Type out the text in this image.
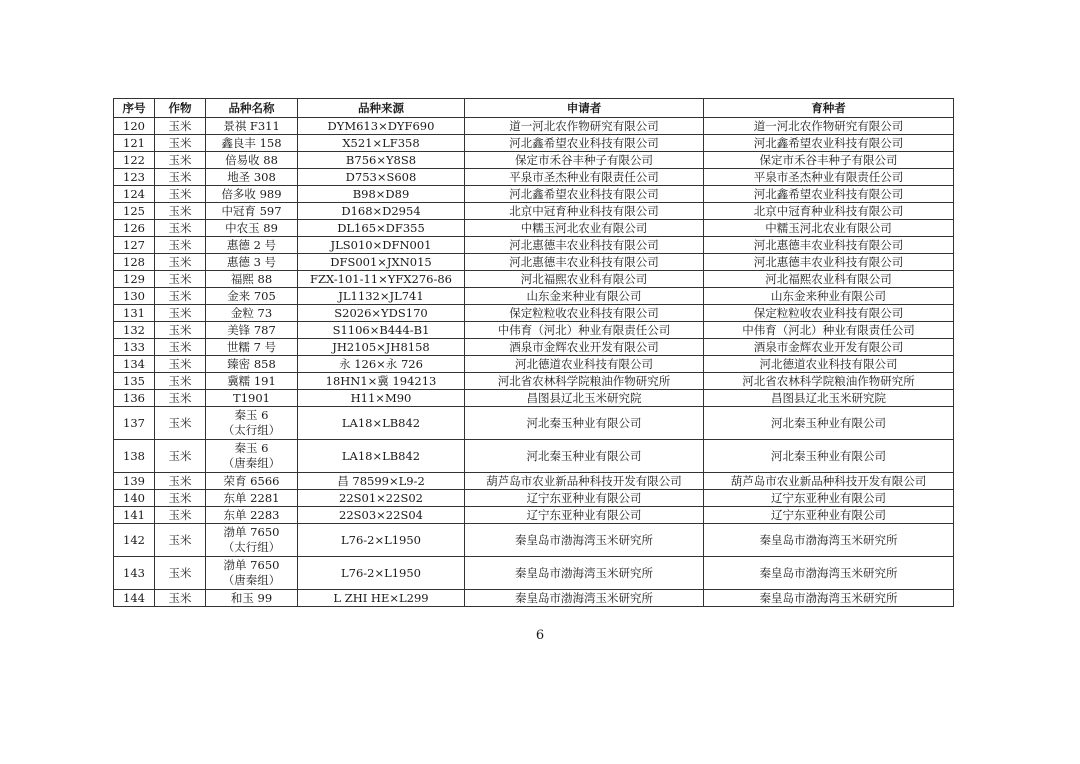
序号	作物	品种名称	品种来源	申请者	育种者
120	玉米	景祺 F311	DYM613×DYF690	道一河北农作物研究有限公司	道一河北农作物研究有限公司
121	玉米	鑫良丰 158	X521×LF358	河北鑫希望农业科技有限公司	河北鑫希望农业科技有限公司
122	玉米	倍易收 88	B756×Y8S8	保定市禾谷丰种子有限公司	保定市禾谷丰种子有限公司
123	玉米	地圣 308	D753×S608	平泉市圣杰种业有限责任公司	平泉市圣杰种业有限责任公司
124	玉米	倍多收 989	B98×D89	河北鑫希望农业科技有限公司	河北鑫希望农业科技有限公司
125	玉米	中冠育 597	D168×D2954	北京中冠育种业科技有限公司	北京中冠育种业科技有限公司
126	玉米	中农玉 89	DL165×DF355	中糯玉河北农业有限公司	中糯玉河北农业有限公司
127	玉米	惠德 2 号	JLS010×DFN001	河北惠德丰农业科技有限公司	河北惠德丰农业科技有限公司
128	玉米	惠德 3 号	DFS001×JXN015	河北惠德丰农业科技有限公司	河北惠德丰农业科技有限公司
129	玉米	福熙 88	FZX-101-11×YFX276-86	河北福熙农业科有限公司	河北福熙农业科有限公司
130	玉米	金来 705	JL1132×JL741	山东金来种业有限公司	山东金来种业有限公司
131	玉米	金粒 73	S2026×YDS170	保定粒粒收农业科技有限公司	保定粒粒收农业科技有限公司
132	玉米	美锋 787	S1106×B444-B1	中伟育（河北）种业有限责任公司	中伟育（河北）种业有限责任公司
133	玉米	世糯 7 号	JH2105×JH8158	酒泉市金辉农业开发有限公司	酒泉市金辉农业开发有限公司
134	玉米	臻密 858	永 126×永 726	河北德道农业科技有限公司	河北德道农业科技有限公司
135	玉米	冀糯 191	18HN1×冀 194213	河北省农林科学院粮油作物研究所	河北省农林科学院粮油作物研究所
136	玉米	T1901	H11×M90	昌图县辽北玉米研究院	昌图县辽北玉米研究院
137	玉米	秦玉 6
（太行组）	LA18×LB842	河北秦玉种业有限公司	河北秦玉种业有限公司
138	玉米	秦玉 6
（唐秦组）	LA18×LB842	河北秦玉种业有限公司	河北秦玉种业有限公司
139	玉米	荣育 6566	昌 78599×L9-2	葫芦岛市农业新品种科技开发有限公司	葫芦岛市农业新品种科技开发有限公司
140	玉米	东单 2281	22S01×22S02	辽宁东亚种业有限公司	辽宁东亚种业有限公司
141	玉米	东单 2283	22S03×22S04	辽宁东亚种业有限公司	辽宁东亚种业有限公司
142	玉米	渤单 7650
（太行组）	L76-2×L1950	秦皇岛市渤海湾玉米研究所	秦皇岛市渤海湾玉米研究所
143	玉米	渤单 7650
（唐秦组）	L76-2×L1950	秦皇岛市渤海湾玉米研究所	秦皇岛市渤海湾玉米研究所
144	玉米	和玉 99	L ZHI HE×L299	秦皇岛市渤海湾玉米研究所	秦皇岛市渤海湾玉米研究所
6
